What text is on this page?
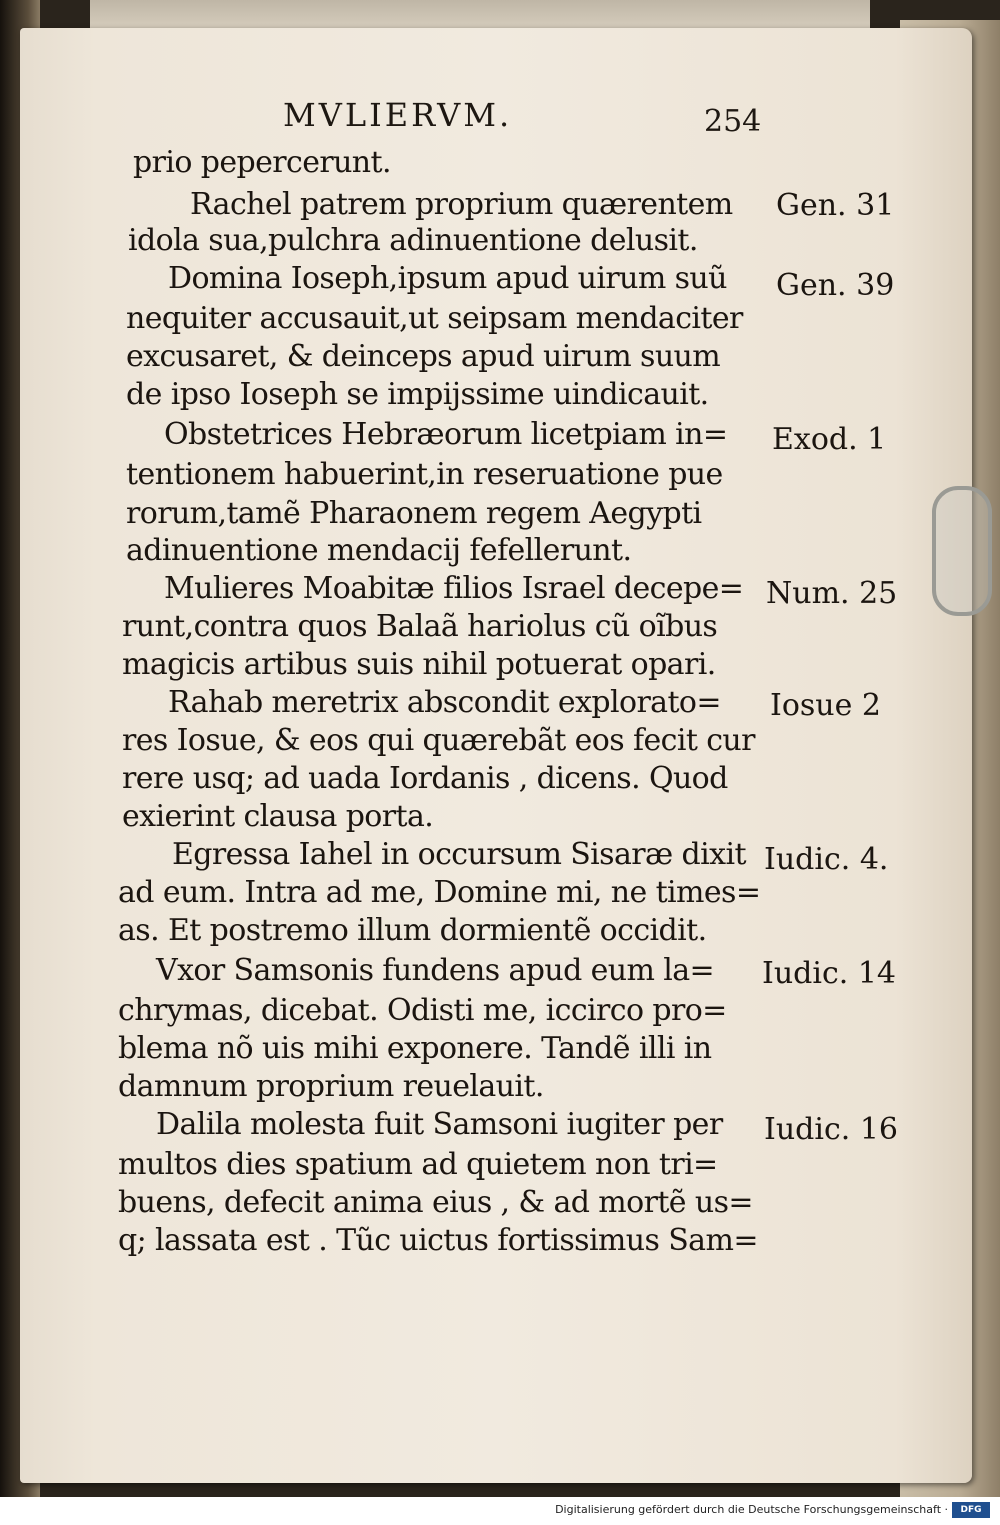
MVLIERVM.	254
prio pepercerunt.
Rachel patrem proprium quærentem
idola sua,pulchra adinuentione delusit.
Domina Ioseph,ipsum apud uirum suũ
nequiter accusauit,ut seipsam mendaciter
excusaret, & deinceps apud uirum suum
de ipso Ioseph se impijssime uindicauit.
Obstetrices Hebræorum licetpiam in=
tentionem habuerint,in reseruatione pue
rorum,tamẽ Pharaonem regem Aegypti
adinuentione mendacij fefellerunt.
Mulieres Moabitæ filios Israel decepe=
runt,contra quos Balaã hariolus cũ oĩbus
magicis artibus suis nihil potuerat opari.
Rahab meretrix abscondit explorato=
res Iosue, & eos qui quærebãt eos fecit cur
rere usq; ad uada Iordanis , dicens. Quod
exierint clausa porta.
Egressa Iahel in occursum Sisaræ dixit
ad eum. Intra ad me, Domine mi, ne times=
as. Et postremo illum dormientẽ occidit.
Vxor Samsonis fundens apud eum la=
chrymas, dicebat. Odisti me, iccirco pro=
blema nõ uis mihi exponere. Tandẽ illi in
damnum proprium reuelauit.
Dalila molesta fuit Samsoni iugiter per
multos dies spatium ad quietem non tri=
buens, defecit anima eius , & ad mortẽ us=
q; lassata est . Tũc uictus fortissimus Sam=
Gen. 31
Gen. 39
Exod. 1
Num. 25
Iosue 2
Iudic. 4.
Iudic. 14
Iudic. 16
Digitalisierung gefördert durch die Deutsche Forschungsgemeinschaft ·	DFG
